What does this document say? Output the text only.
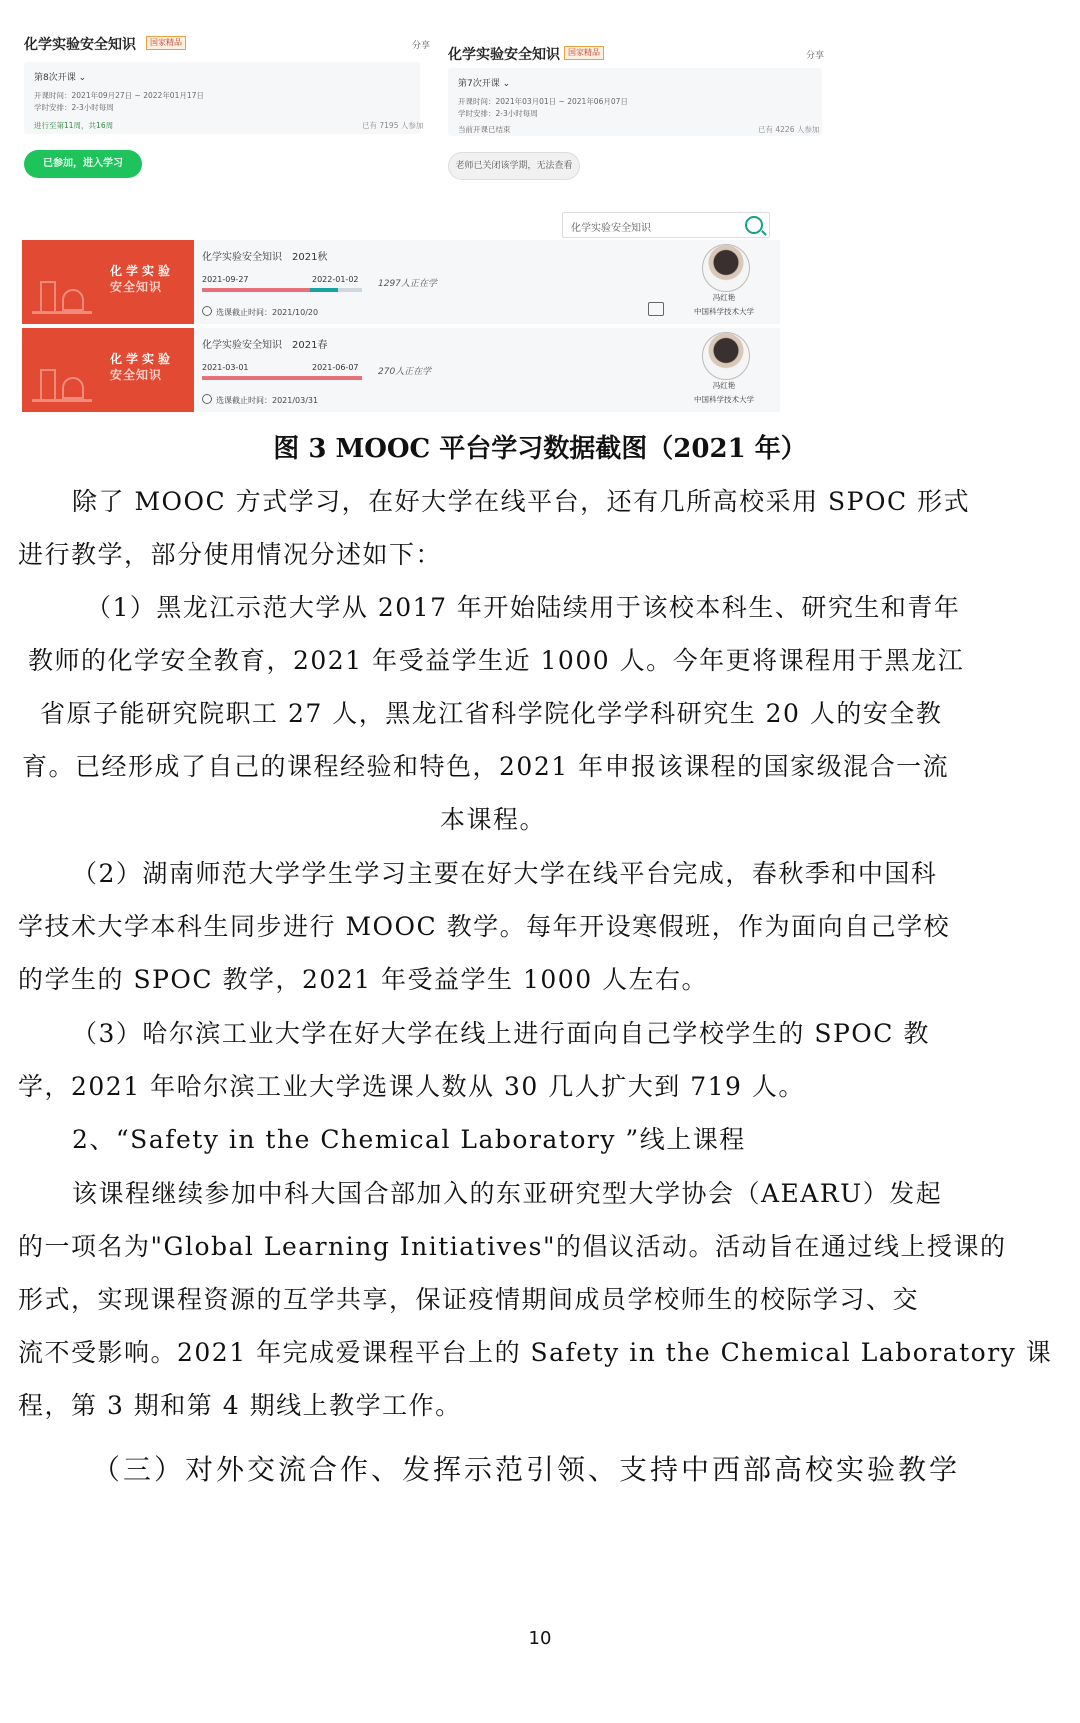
化学实验安全知识	国家精品	分享
第8次开课 ⌄
开课时间：2021年09月27日 ~ 2022年01月17日
学时安排：2-3小时每周
进行至第11周，共16周	已有 7195 人参加
已参加，进入学习
化学实验安全知识	国家精品	分享
第7次开课 ⌄
开课时间：2021年03月01日 ~ 2021年06月07日
学时安排：2-3小时每周
当前开课已结束	已有 4226 人参加
老师已关闭该学期，无法查看
化学实验安全知识
化学实验
安全知识
化学实验安全知识　2021秋
2021-09-27	2022-01-02 1297人正在学
选课截止时间：2021/10/20
冯红艳
中国科学技术大学
化学实验
安全知识
化学实验安全知识　2021春
2021-03-01	2021-06-07 270人正在学
选课截止时间：2021/03/31
冯红艳
中国科学技术大学
图 3 MOOC 平台学习数据截图（2021 年）
除了 MOOC 方式学习，在好大学在线平台，还有几所高校采用 SPOC 形式
进行教学，部分使用情况分述如下：
（1）黑龙江示范大学从 2017 年开始陆续用于该校本科生、研究生和青年
教师的化学安全教育，2021 年受益学生近 1000 人。今年更将课程用于黑龙江
省原子能研究院职工 27 人，黑龙江省科学院化学学科研究生 20 人的安全教
育。已经形成了自己的课程经验和特色，2021 年申报该课程的国家级混合一流
本课程。
（2）湖南师范大学学生学习主要在好大学在线平台完成，春秋季和中国科
学技术大学本科生同步进行 MOOC 教学。每年开设寒假班，作为面向自己学校
的学生的 SPOC 教学，2021 年受益学生 1000 人左右。
（3）哈尔滨工业大学在好大学在线上进行面向自己学校学生的 SPOC 教
学，2021 年哈尔滨工业大学选课人数从 30 几人扩大到 719 人。
2、“Safety in the Chemical Laboratory ”线上课程
该课程继续参加中科大国合部加入的东亚研究型大学协会（AEARU）发起
的一项名为"Global Learning Initiatives"的倡议活动。活动旨在通过线上授课的
形式，实现课程资源的互学共享，保证疫情期间成员学校师生的校际学习、交
流不受影响。2021 年完成爱课程平台上的 Safety in the Chemical Laboratory 课
程，第 3 期和第 4 期线上教学工作。
（三）对外交流合作、发挥示范引领、支持中西部高校实验教学
10
